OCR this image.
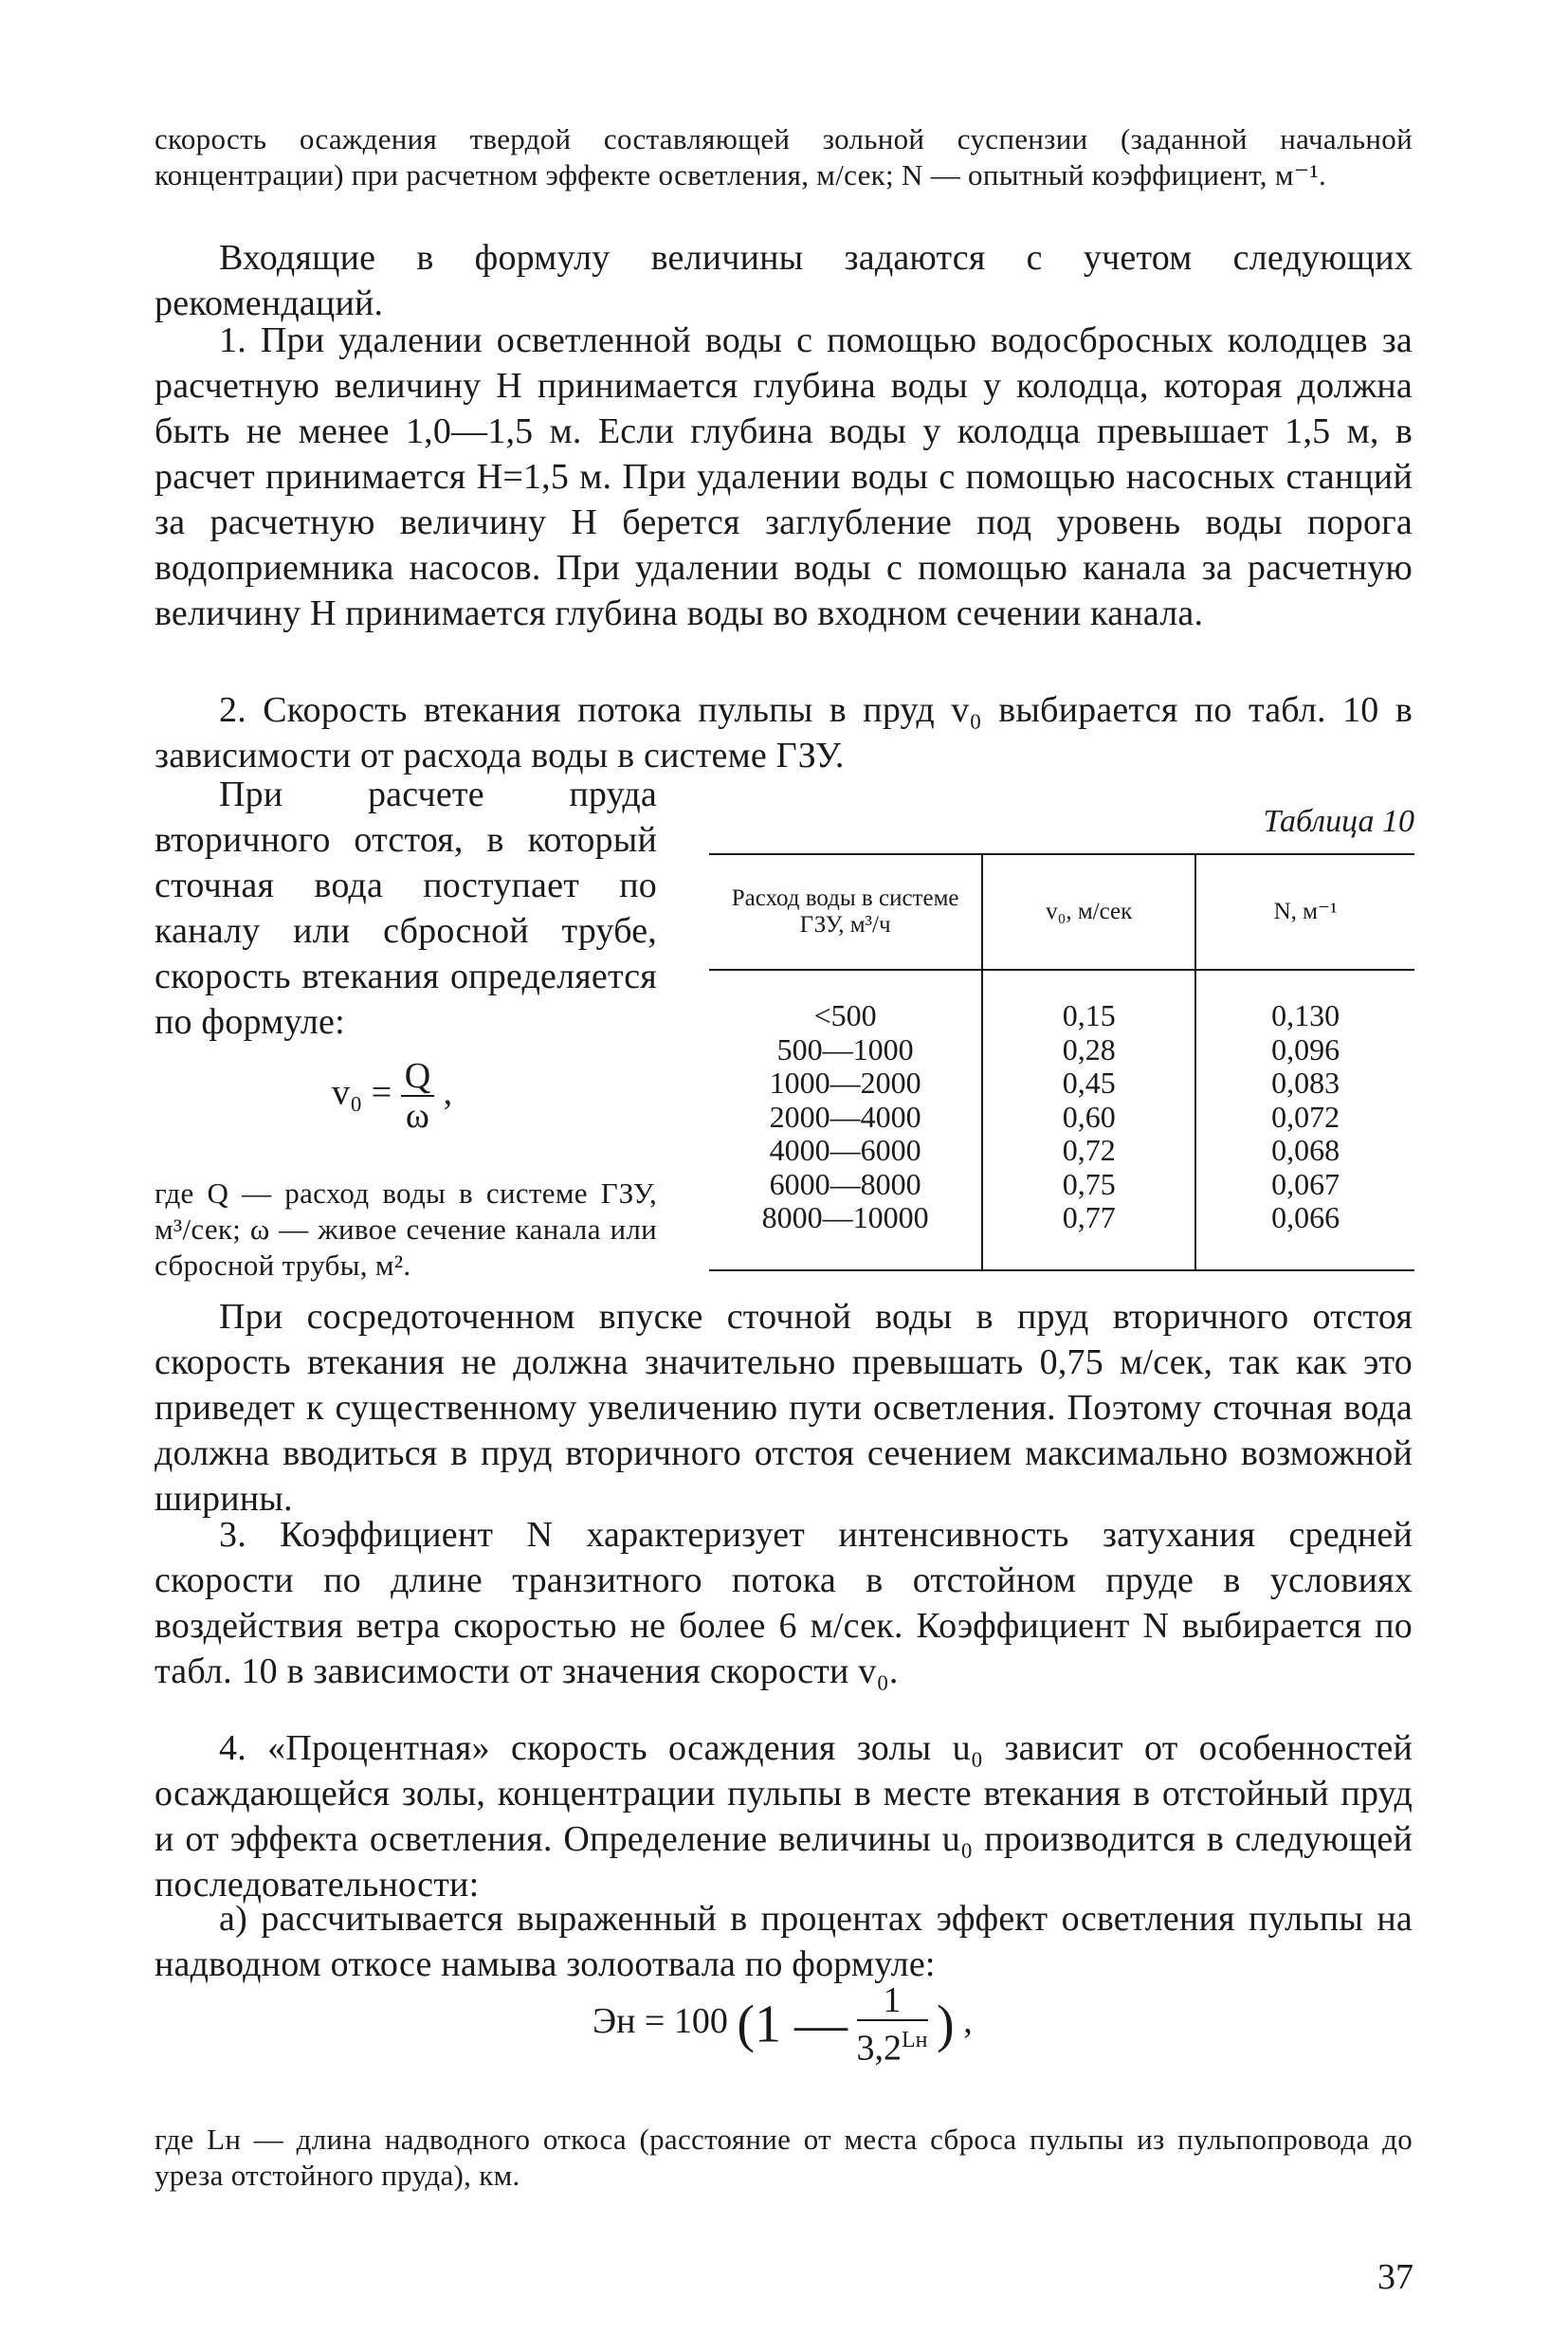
скорость осаждения твердой составляющей зольной суспензии (заданной начальной концентрации) при расчетном эффекте осветления, м/сек; N — опытный коэффициент, м⁻¹.
Входящие в формулу величины задаются с учетом следующих рекомендаций.
1. При удалении осветленной воды с помощью водосбросных колодцев за расчетную величину H принимается глубина воды у колодца, которая должна быть не менее 1,0—1,5 м. Если глубина воды у колодца превышает 1,5 м, в расчет принимается H=1,5 м. При удалении воды с помощью насосных станций за расчетную величину H берется заглубление под уровень воды порога водоприемника насосов. При удалении воды с помощью канала за расчетную величину H принимается глубина воды во входном сечении канала.
2. Скорость втекания потока пульпы в пруд v₀ выбирается по табл. 10 в зависимости от расхода воды в системе ГЗУ.
При расчете пруда вторичного отстоя, в который сточная вода поступает по каналу или сбросной трубе, скорость втекания определяется по формуле:
$v_0 = \frac{Q}{\omega}$ ,
где Q — расход воды в системе ГЗУ, м³/сек; ω — живое сечение канала или сбросной трубы, м².
Таблица 10
Расход воды в системе ГЗУ, м³/ч	v₀, м/сек	N, м⁻¹
<500	0,15	0,130
500—1000	0,28	0,096
1000—2000	0,45	0,083
2000—4000	0,60	0,072
4000—6000	0,72	0,068
6000—8000	0,75	0,067
8000—10000	0,77	0,066
При сосредоточенном впуске сточной воды в пруд вторичного отстоя скорость втекания не должна значительно превышать 0,75 м/сек, так как это приведет к существенному увеличению пути осветления. Поэтому сточная вода должна вводиться в пруд вторичного отстоя сечением максимально возможной ширины.
3. Коэффициент N характеризует интенсивность затухания средней скорости по длине транзитного потока в отстойном пруде в условиях воздействия ветра скоростью не более 6 м/сек. Коэффициент N выбирается по табл. 10 в зависимости от значения скорости v₀.
4. «Процентная» скорость осаждения золы u₀ зависит от особенностей осаждающейся золы, концентрации пульпы в месте втекания в отстойный пруд и от эффекта осветления. Определение величины u₀ производится в следующей последовательности:
а) рассчитывается выраженный в процентах эффект осветления пульпы на надводном откосе намыва золоотвала по формуле:
Эн = 100 (1 — $\frac{1}{3,2^{Lн}}$ ) ,
где Lн — длина надводного откоса (расстояние от места сброса пульпы из пульпопровода до уреза отстойного пруда), км.
37
